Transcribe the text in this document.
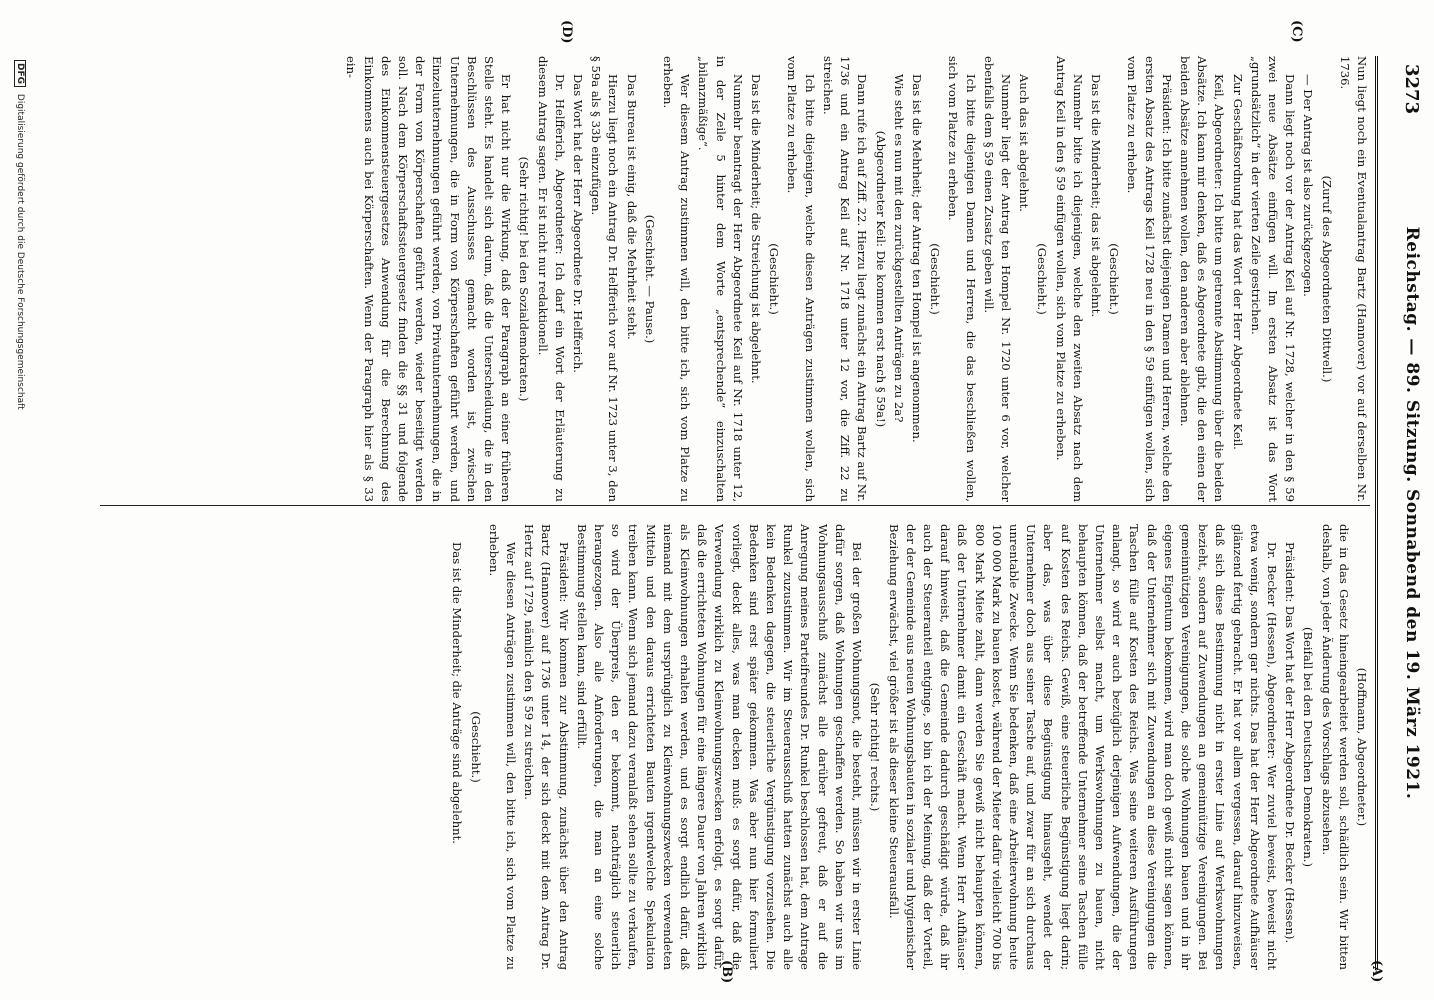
3273
Reichstag. — 89. Sitzung. Sonnabend den 19. März 1921.
(C)
(D)
(A)
(B)

Nun liegt noch ein Eventualantrag Bartz (Hannover) vor auf derselben Nr. 1736.

(Zuruf des Abgeordneten Dittwell.)

— Der Antrag ist also zurückgezogen.

Dann liegt noch vor der Antrag Keil auf Nr. 1728, welcher in den § 59 zwei neue Absätze einfügen will. Im ersten Absatz ist das Wort „grundsätzlich“ in der vierten Zeile gestrichen.

Zur Geschäftsordnung hat das Wort der Herr Abgeordnete Keil.

Keil, Abgeordneter: Ich bitte um getrennte Abstimmung über die beiden Absätze. Ich kann mir denken, daß es Abgeordnete gibt, die den einen der beiden Absätze annehmen wollen, den anderen aber ablehnen.

Präsident: Ich bitte zunächst diejenigen Damen und Herren, welche den ersten Absatz des Antrags Keil 1728 neu in den § 59 einfügen wollen, sich vom Platze zu erheben.

(Geschieht.)

Das ist die Minderheit; das ist abgelehnt.

Nunmehr bitte ich diejenigen, welche den zweiten Absatz nach dem Antrag Keil in den § 59 einfügen wollen, sich vom Platze zu erheben.

(Geschieht.)

Auch das ist abgelehnt.

Nunmehr liegt der Antrag ten Hompel Nr. 1720 unter 6 vor, welcher ebenfalls dem § 59 einen Zusatz geben will.

Ich bitte diejenigen Damen und Herren, die das beschließen wollen, sich vom Platze zu erheben.

(Geschieht.)

Das ist die Mehrheit; der Antrag ten Hompel ist angenommen.

Wie steht es nun mit den zurückgestellten Anträgen zu 2a?

(Abgeordneter Keil: Die kommen erst nach § 59a!)

Dann rufe ich auf Ziff. 22. Hierzu liegt zunächst ein Antrag Bartz auf Nr. 1736 und ein Antrag Keil auf Nr. 1718 unter 12 vor, die Ziff. 22 zu streichen.

Ich bitte diejenigen, welche diesen Anträgen zustimmen wollen, sich vom Platze zu erheben.

(Geschieht.)

Das ist die Minderheit; die Streichung ist abgelehnt.

Nunmehr beantragt der Herr Abgeordnete Keil auf Nr. 1718 unter 12, in der Zeile 5 hinter dem Worte „entsprechende“ einzuschalten „bilanzmäßige“.

Wer diesem Antrag zustimmen will, den bitte ich, sich vom Platze zu erheben.

(Geschieht. — Pause.)

Das Bureau ist einig, daß die Mehrheit steht.

Hierzu liegt noch ein Antrag Dr. Helfferich vor auf Nr. 1723 unter 3, den § 59a als § 33b einzufügen.

Das Wort hat der Herr Abgeordnete Dr. Helfferich.

Dr. Helfferich, Abgeordneter: Ich darf ein Wort der Erläuterung zu diesem Antrag sagen. Er ist nicht nur redaktionell.

(Sehr richtig! bei den Sozialdemokraten.)

Er hat nicht nur die Wirkung, daß der Paragraph an einer früheren Stelle steht. Es handelt sich darum, daß die Unterscheidung, die in den Beschlüssen des Ausschusses gemacht worden ist, zwischen Unternehmungen, die in Form von Körperschaften geführt werden, und Einzelunternehmungen geführt werden, von Privatunternehmungen, die in der Form von Körperschaften geführt werden, wieder beseitigt werden soll. Nach dem Körperschaftssteuergesetz finden die §§ 31 und folgende des Einkommensteuergesetzes Anwendung für die Berechnung des Einkommens auch bei Körperschaften. Wenn der Paragraph hier als § 33 ein-

(Hoffmann, Abgeordneter.)

die in das Gesetz hineingearbeitet werden soll, schädlich sein. Wir bitten deshalb, von jeder Änderung des Vorschlags abzusehen.

(Beifall bei den Deutschen Demokraten.)

Präsident: Das Wort hat der Herr Abgeordnete Dr. Becker (Hessen).

Dr. Becker (Hessen), Abgeordneter: Wer zuviel beweist, beweist nicht etwa wenig, sondern gar nichts. Das hat der Herr Abgeordnete Aufhäuser glänzend fertig gebracht. Er hat vor allem vergessen, darauf hinzuweisen, daß sich diese Bestimmung nicht in erster Linie auf Werkswohnungen bezieht, sondern auf Zuwendungen an gemeinnützige Vereinigungen. Bei gemeinnützigen Vereinigungen, die solche Wohnungen bauen und in ihr eigenes Eigentum bekommen, wird man doch gewiß nicht sagen können, daß der Unternehmer sich mit Zuwendungen an diese Vereinigungen die Taschen fülle auf Kosten des Reichs. Was seine weiteren Ausführungen anlangt, so wird er auch bezüglich derjenigen Aufwendungen, die der Unternehmer selbst macht, um Werkswohnungen zu bauen, nicht behaupten können, daß der betreffende Unternehmer seine Taschen fülle auf Kosten des Reichs. Gewiß, eine steuerliche Begünstigung liegt darin; aber das, was über diese Begünstigung hinausgeht, wendet der Unternehmer doch aus seiner Tasche auf, und zwar für an sich durchaus unrentable Zwecke. Wenn Sie bedenken, daß eine Arbeiterwohnung heute 100 000 Mark zu bauen kostet, während der Mieter dafür vielleicht 700 bis 800 Mark Miete zahlt, dann werden Sie gewiß nicht behaupten können, daß der Unternehmer damit ein Geschäft macht. Wenn Herr Aufhäuser darauf hinweist, daß die Gemeinde dadurch geschädigt würde, daß ihr auch der Steueranteil entginge, so bin ich der Meinung, daß der Vorteil, der der Gemeinde aus neuen Wohnungsbauten in sozialer und hygienischer Beziehung erwächst, viel größer ist als dieser kleine Steuerausfall.

(Sehr richtig! rechts.)

Bei der großen Wohnungsnot, die besteht, müssen wir in erster Linie dafür sorgen, daß Wohnungen geschaffen werden. So haben wir uns im Wohnungsausschuß zunächst alle darüber gefreut, daß er auf die Anregung meines Parteifreundes Dr. Runkel beschlossen hat, dem Antrage Runkel zuzustimmen. Wir im Steuerausschuß hatten zunächst auch alle kein Bedenken dagegen, die steuerliche Vergünstigung vorzusehen. Die Bedenken sind erst später gekommen. Was aber nun hier formuliert vorliegt, deckt alles, was man decken muß: es sorgt dafür, daß die Verwendung wirklich zu Kleinwohnungszwecken erfolgt, es sorgt dafür, daß die errichteten Wohnungen für eine längere Dauer von Jahren wirklich als Kleinwohnungen erhalten werden, und es sorgt endlich dafür, daß niemand mit dem ursprünglich zu Kleinwohnungszwecken verwendeten Mitteln und den daraus errichteten Bauten irgendwelche Spekulation treiben kann. Wenn sich jemand dazu veranlaßt sehen sollte zu verkaufen, so wird der Überpreis, den er bekommt, nachträglich steuerlich herangezogen. Also alle Anforderungen, die man an eine solche Bestimmung stellen kann, sind erfüllt.

Präsident: Wir kommen zur Abstimmung, zunächst über den Antrag Bartz (Hannover) auf 1736 unter 14, der sich deckt mit dem Antrag Dr. Hertz auf 1729, nämlich den § 59 zu streichen.

Wer diesen Anträgen zustimmen will, den bitte ich, sich vom Platze zu erheben.

(Geschieht.)

Das ist die Minderheit; die Anträge sind abgelehnt.

DFG Digitalisierung gefördert durch die Deutsche Forschungsgemeinschaft
